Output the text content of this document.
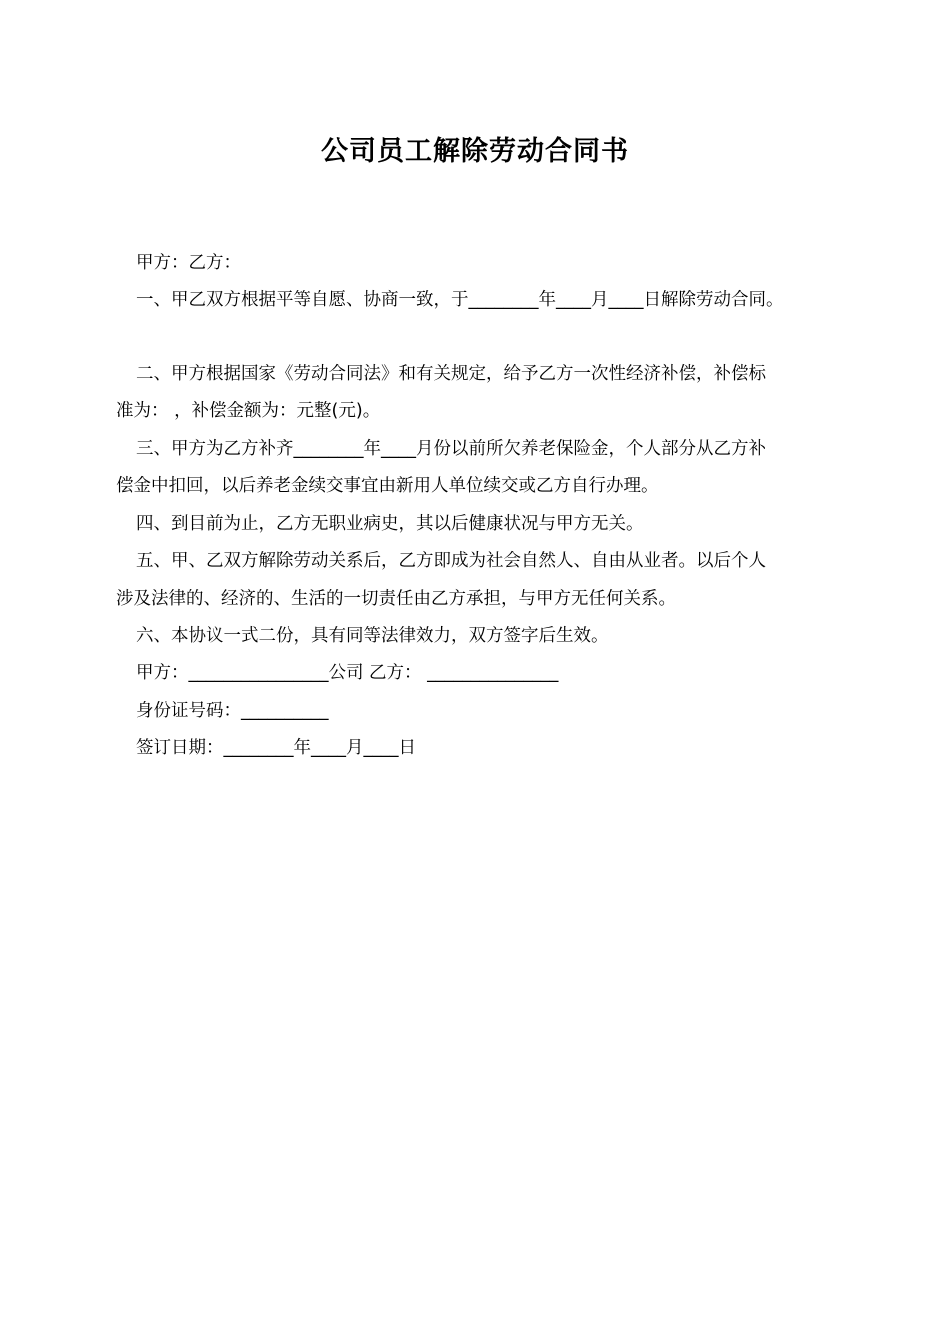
公司员工解除劳动合同书
甲方：乙方：
一、甲乙双方根据平等自愿、协商一致，于________年____月____日解除劳动合同。
二、甲方根据国家《劳动合同法》和有关规定，给予乙方一次性经济补偿，补偿标
准为： ，补偿金额为：元整(元)。
三、甲方为乙方补齐________年____月份以前所欠养老保险金，个人部分从乙方补
偿金中扣回，以后养老金续交事宜由新用人单位续交或乙方自行办理。
四、到目前为止，乙方无职业病史，其以后健康状况与甲方无关。
五、甲、乙双方解除劳动关系后，乙方即成为社会自然人、自由从业者。以后个人
涉及法律的、经济的、生活的一切责任由乙方承担，与甲方无任何关系。
六、本协议一式二份，具有同等法律效力，双方签字后生效。
甲方：________________公司 乙方： _______________
身份证号码：__________
签订日期：________年____月____日
